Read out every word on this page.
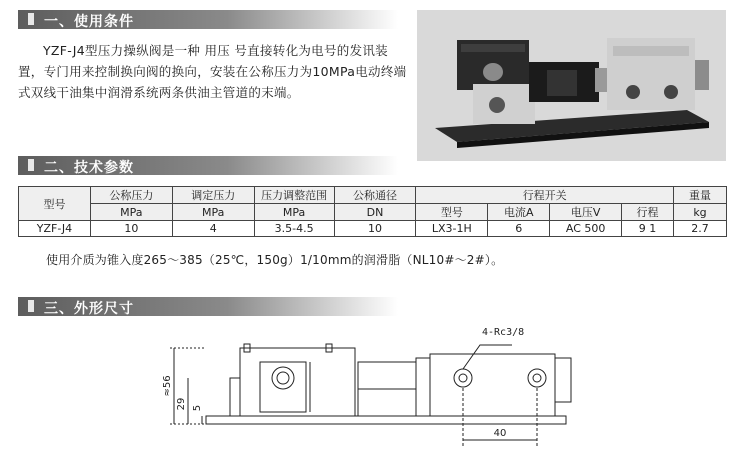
一、使用条件

YZF-J4型压力操纵阀是一种 用压 号直接转化为电号的发讯装置，专门用来控制换向阀的换向，安装在公称压力为10MPa电动终端式双线干油集中润滑系统两条供油主管道的末端。

二、技术参数
型号	公称压力	调定压力	压力调整范围	公称通径	行程开关				重量
	MPa	MPa	MPa	DN	型号	电流A	电压V	行程	kg
YZF-J4	10	4	3.5-4.5	10	LX3-1H	6	AC 500	9 1	2.7
使用介质为锥入度265～385（25℃，150g）1/10mm的润滑脂（NL10#～2#）。
三、外形尺寸
4-Rc3/8
≈56
29 5
40
